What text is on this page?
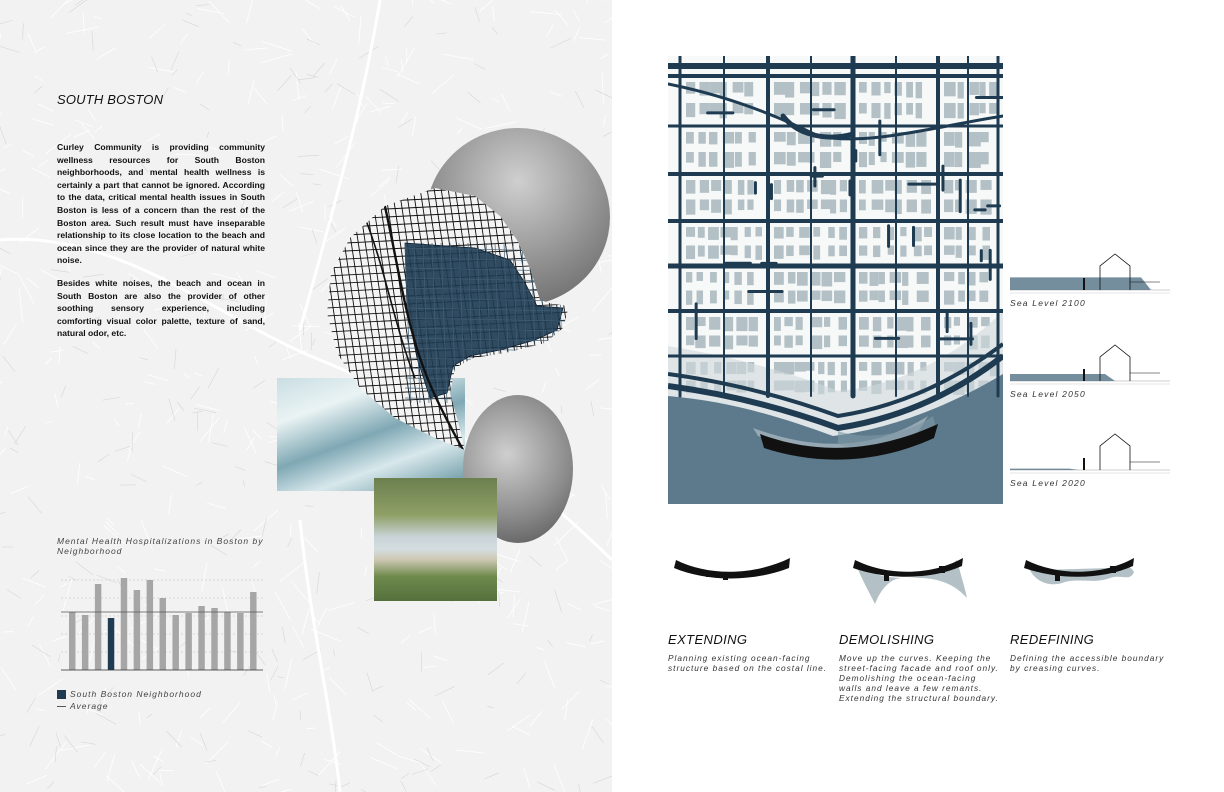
SOUTH BOSTON

Curley Community is providing community wellness resources for South Boston neighborhoods, and mental health wellness is certainly a part that cannot be ignored. According to the data, critical mental health issues in South Boston is less of a concern than the rest of the Boston area. Such result must have inseparable relationship to its close location to the beach and ocean since they are the provider of natural white noise.

Besides white noises, the beach and ocean in South Boston are also the provider of other soothing sensory experience, including comforting visual color palette, texture of sand, natural odor, etc.

Mental Health Hospitalizations in Boston by Neighborhood
South Boston Neighborhood
Average
Sea Level 2100
Sea Level 2050
Sea Level 2020
EXTENDING
Planning existing ocean-facing structure based on the costal line.
DEMOLISHING
Move up the curves. Keeping the street-facing facade and roof only. Demolishing the ocean-facing walls and leave a few remants. Extending the structural boundary.
REDEFINING
Defining the accessible boundary by creasing curves.
